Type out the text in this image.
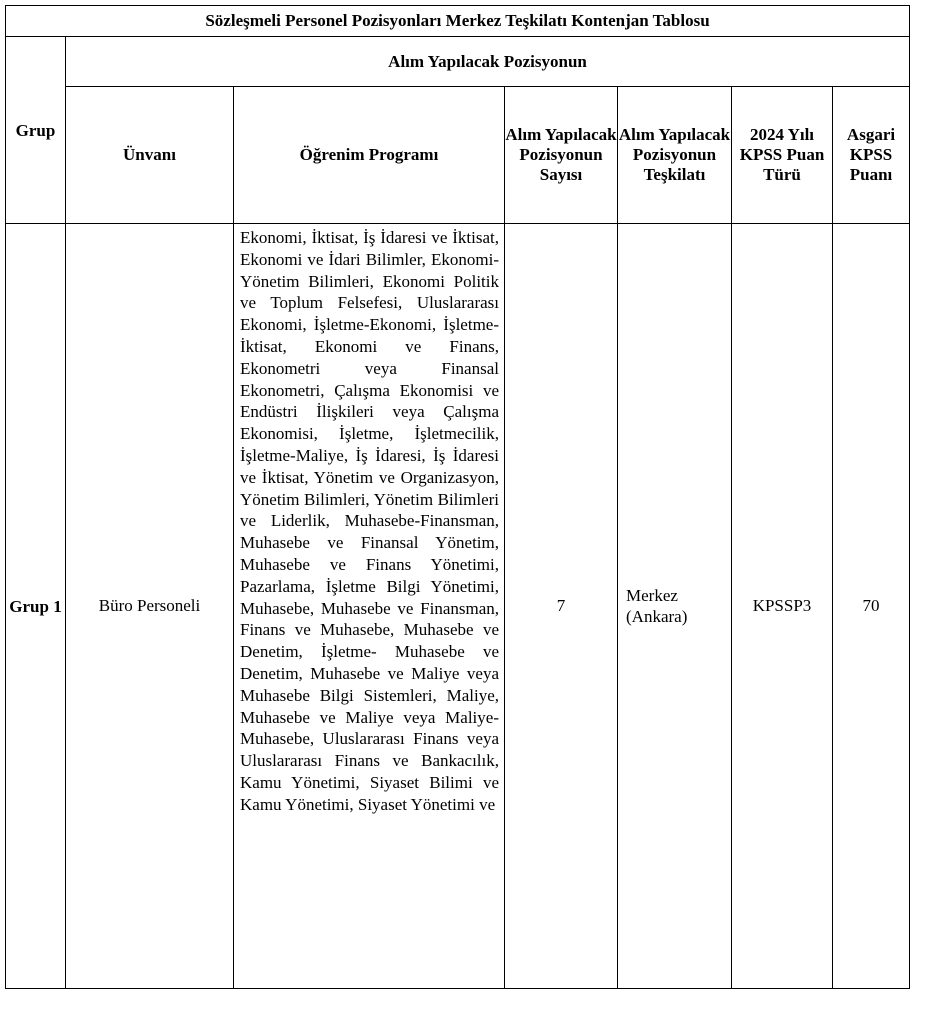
Sözleşmeli Personel Pozisyonları Merkez Teşkilatı Kontenjan Tablosu						
Grup	Alım Yapılacak Pozisyonun					
	Ünvanı	Öğrenim Programı	Alım Yapılacak Pozisyonun Sayısı	Alım Yapılacak Pozisyonun Teşkilatı	2024 Yılı KPSS Puan Türü	Asgari KPSS Puanı
Grup 1	Büro Personeli	Ekonomi, İktisat, İş İdaresi ve İktisat, Ekonomi ve İdari Bilimler, Ekonomi-Yönetim Bilimleri, Ekonomi Politik ve Toplum Felsefesi, Uluslararası Ekonomi, İşletme-Ekonomi, İşletme-İktisat, Ekonomi ve Finans, Ekonometri veya Finansal Ekonometri, Çalışma Ekonomisi ve Endüstri İlişkileri veya Çalışma Ekonomisi, İşletme, İşletmecilik, İşletme-Maliye, İş İdaresi, İş İdaresi ve İktisat, Yönetim ve Organizasyon, Yönetim Bilimleri, Yönetim Bilimleri ve Liderlik, Muhasebe-Finansman, Muhasebe ve Finansal Yönetim, Muhasebe ve Finans Yönetimi, Pazarlama, İşletme Bilgi Yönetimi, Muhasebe, Muhasebe ve Finansman, Finans ve Muhasebe, Muhasebe ve Denetim, İşletme- Muhasebe ve Denetim, Muhasebe ve Maliye veya Muhasebe Bilgi Sistemleri, Maliye, Muhasebe ve Maliye veya Maliye-Muhasebe, Uluslararası Finans veya Uluslararası Finans ve Bankacılık, Kamu Yönetimi, Siyaset Bilimi ve Kamu Yönetimi, Siyaset Yönetimi ve	7	Merkez (Ankara)	KPSSP3	70
